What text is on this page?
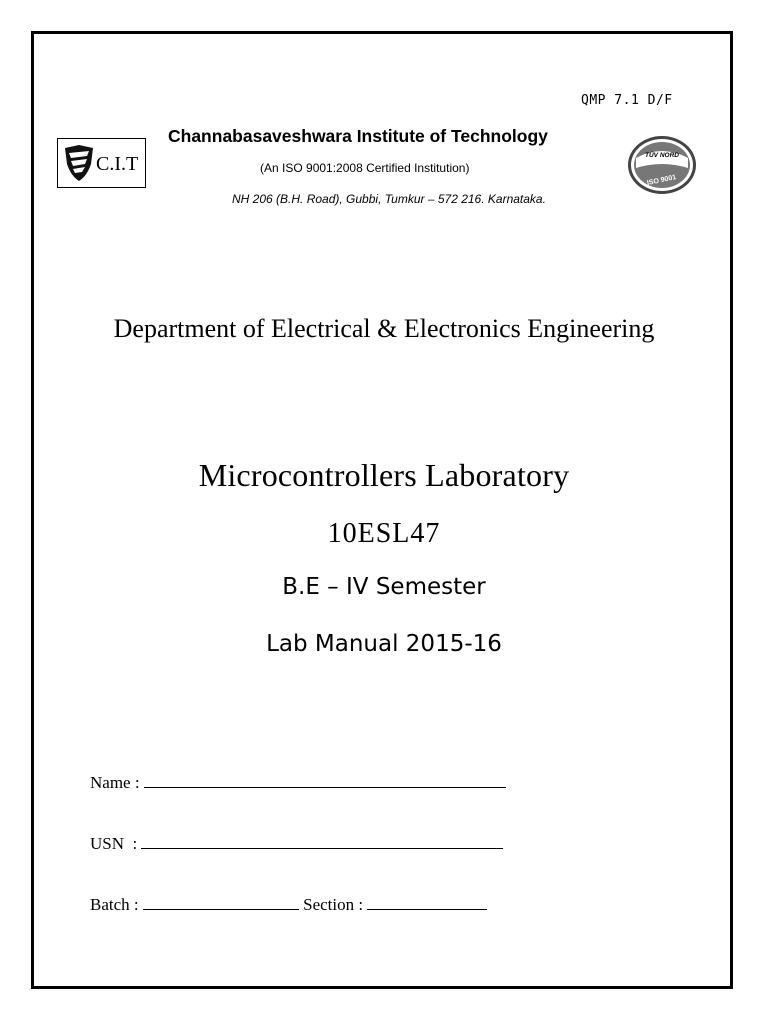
QMP 7.1 D/F
C.I.T
Channabasaveshwara Institute of Technology
(An ISO 9001:2008 Certified Institution)
NH 206 (B.H. Road), Gubbi, Tumkur – 572 216. Karnataka.
TÜV NORD
ISO 9001
Department of Electrical & Electronics Engineering
Microcontrollers Laboratory
10ESL47
B.E – IV Semester
Lab Manual 2015-16
Name :
USN  :
Batch :	Section :
